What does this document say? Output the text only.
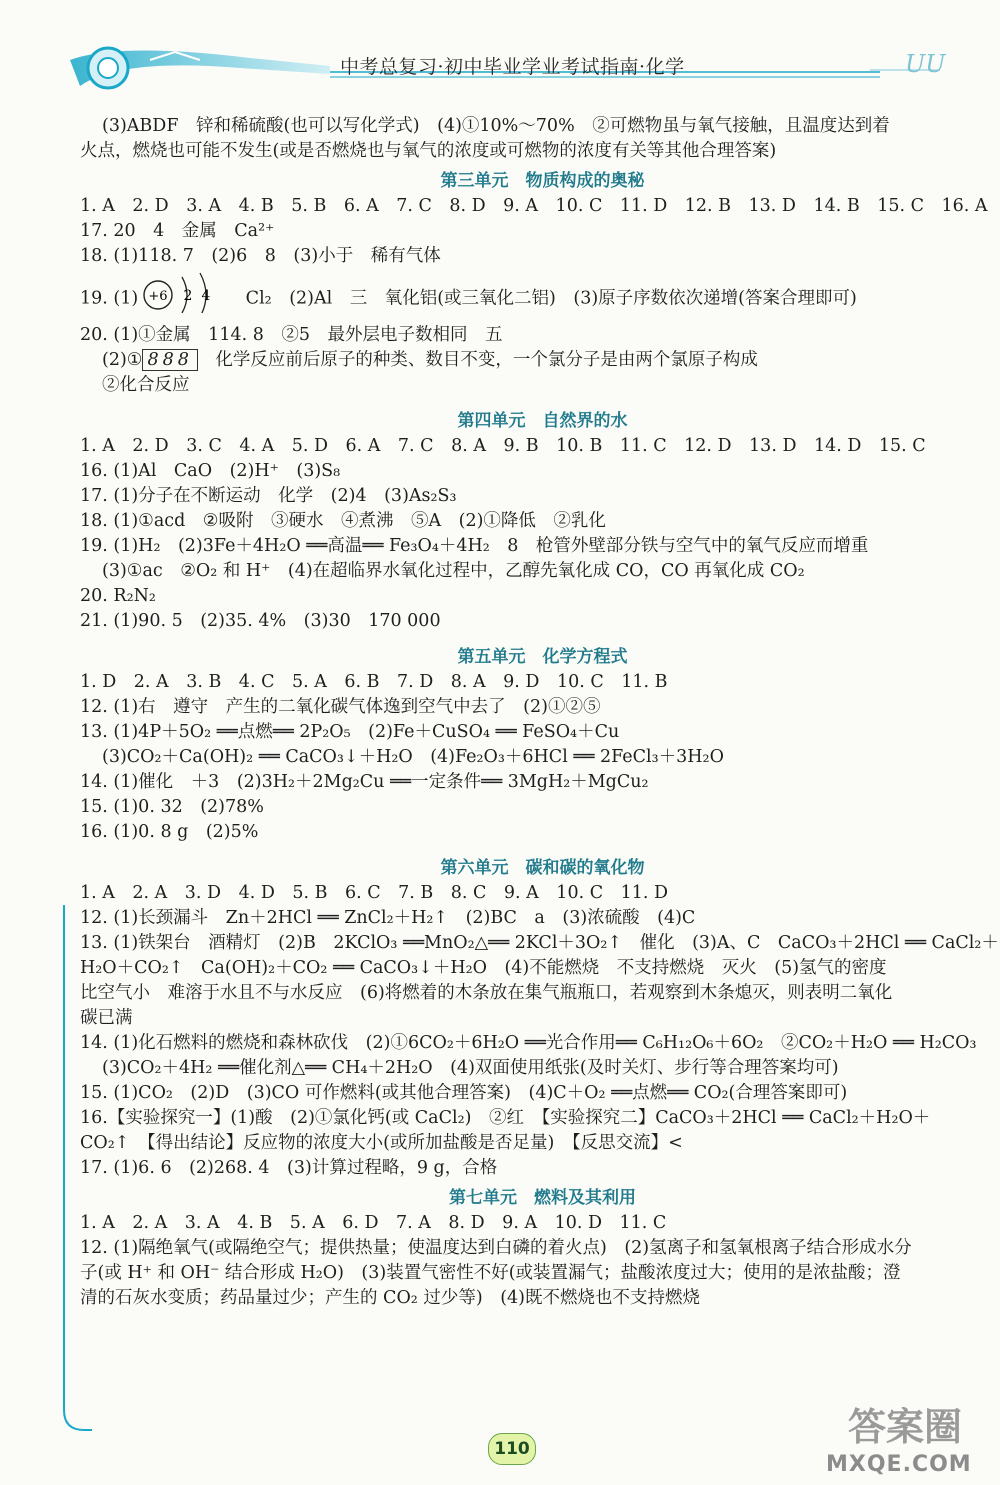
UU
中考总复习·初中毕业学业考试指南·化学
(3)ABDF　锌和稀硫酸(也可以写化学式)　(4)①10%～70%　②可燃物虽与氧气接触，且温度达到着
火点，燃烧也可能不发生(或是否燃烧也与氧气的浓度或可燃物的浓度有关等其他合理答案)
第三单元　物质构成的奥秘
1. A　2. D　3. A　4. B　5. B　6. A　7. C　8. D　9. A　10. C　11. D　12. B　13. D　14. B　15. C　16. A
17. 20　4　金属　Ca²⁺
18. (1)118. 7　(2)6　8　(3)小于　稀有气体
19. (1) +6 2 4 　Cl₂　(2)Al　三　氧化铝(或三氧化二铝)　(3)原子序数依次递增(答案合理即可)
20. (1)①金属　114. 8　②5　最外层电子数相同　五
(2)① 888　化学反应前后原子的种类、数目不变，一个氯分子是由两个氯原子构成
②化合反应
第四单元　自然界的水
1. A　2. D　3. C　4. A　5. D　6. A　7. C　8. A　9. B　10. B　11. C　12. D　13. D　14. D　15. C
16. (1)Al　CaO　(2)H⁺　(3)S₈
17. (1)分子在不断运动　化学　(2)4　(3)As₂S₃
18. (1)①acd　②吸附　③硬水　④煮沸　⑤A　(2)①降低　②乳化
19. (1)H₂　(2)3Fe＋4H₂O ══高温══ Fe₃O₄＋4H₂　8　枪管外壁部分铁与空气中的氧气反应而增重
(3)①ac　②O₂ 和 H⁺　(4)在超临界水氧化过程中，乙醇先氧化成 CO，CO 再氧化成 CO₂
20. R₂N₂
21. (1)90. 5　(2)35. 4%　(3)30　170 000
第五单元　化学方程式
1. D　2. A　3. B　4. C　5. A　6. B　7. D　8. A　9. D　10. C　11. B
12. (1)右　遵守　产生的二氧化碳气体逸到空气中去了　(2)①②⑤
13. (1)4P＋5O₂ ══点燃══ 2P₂O₅　(2)Fe＋CuSO₄ ══ FeSO₄＋Cu
(3)CO₂＋Ca(OH)₂ ══ CaCO₃↓＋H₂O　(4)Fe₂O₃＋6HCl ══ 2FeCl₃＋3H₂O
14. (1)催化　＋3　(2)3H₂＋2Mg₂Cu ══一定条件══ 3MgH₂＋MgCu₂
15. (1)0. 32　(2)78%
16. (1)0. 8 g　(2)5%
第六单元　碳和碳的氧化物
1. A　2. A　3. D　4. D　5. B　6. C　7. B　8. C　9. A　10. C　11. D
12. (1)长颈漏斗　Zn＋2HCl ══ ZnCl₂＋H₂↑　(2)BC　a　(3)浓硫酸　(4)C
13. (1)铁架台　酒精灯　(2)B　2KClO₃ ══MnO₂△══ 2KCl＋3O₂↑　催化　(3)A、C　CaCO₃＋2HCl ══ CaCl₂＋
H₂O＋CO₂↑　Ca(OH)₂＋CO₂ ══ CaCO₃↓＋H₂O　(4)不能燃烧　不支持燃烧　灭火　(5)氢气的密度
比空气小　难溶于水且不与水反应　(6)将燃着的木条放在集气瓶瓶口，若观察到木条熄灭，则表明二氧化
碳已满
14. (1)化石燃料的燃烧和森林砍伐　(2)①6CO₂＋6H₂O ══光合作用══ C₆H₁₂O₆＋6O₂　②CO₂＋H₂O ══ H₂CO₃
(3)CO₂＋4H₂ ══催化剂△══ CH₄＋2H₂O　(4)双面使用纸张(及时关灯、步行等合理答案均可)
15. (1)CO₂　(2)D　(3)CO 可作燃料(或其他合理答案)　(4)C＋O₂ ══点燃══ CO₂(合理答案即可)
16.【实验探究一】(1)酸　(2)①氯化钙(或 CaCl₂)　②红　【实验探究二】CaCO₃＋2HCl ══ CaCl₂＋H₂O＋
CO₂↑　【得出结论】反应物的浓度大小(或所加盐酸是否足量)　【反思交流】<
17. (1)6. 6　(2)268. 4　(3)计算过程略，9 g，合格
第七单元　燃料及其利用
1. A　2. A　3. A　4. B　5. A　6. D　7. A　8. D　9. A　10. D　11. C
12. (1)隔绝氧气(或隔绝空气；提供热量；使温度达到白磷的着火点)　(2)氢离子和氢氧根离子结合形成水分
子(或 H⁺ 和 OH⁻ 结合形成 H₂O)　(3)装置气密性不好(或装置漏气；盐酸浓度过大；使用的是浓盐酸；澄
清的石灰水变质；药品量过少；产生的 CO₂ 过少等)　(4)既不燃烧也不支持燃烧
110	答案圈
MXQE.COM
